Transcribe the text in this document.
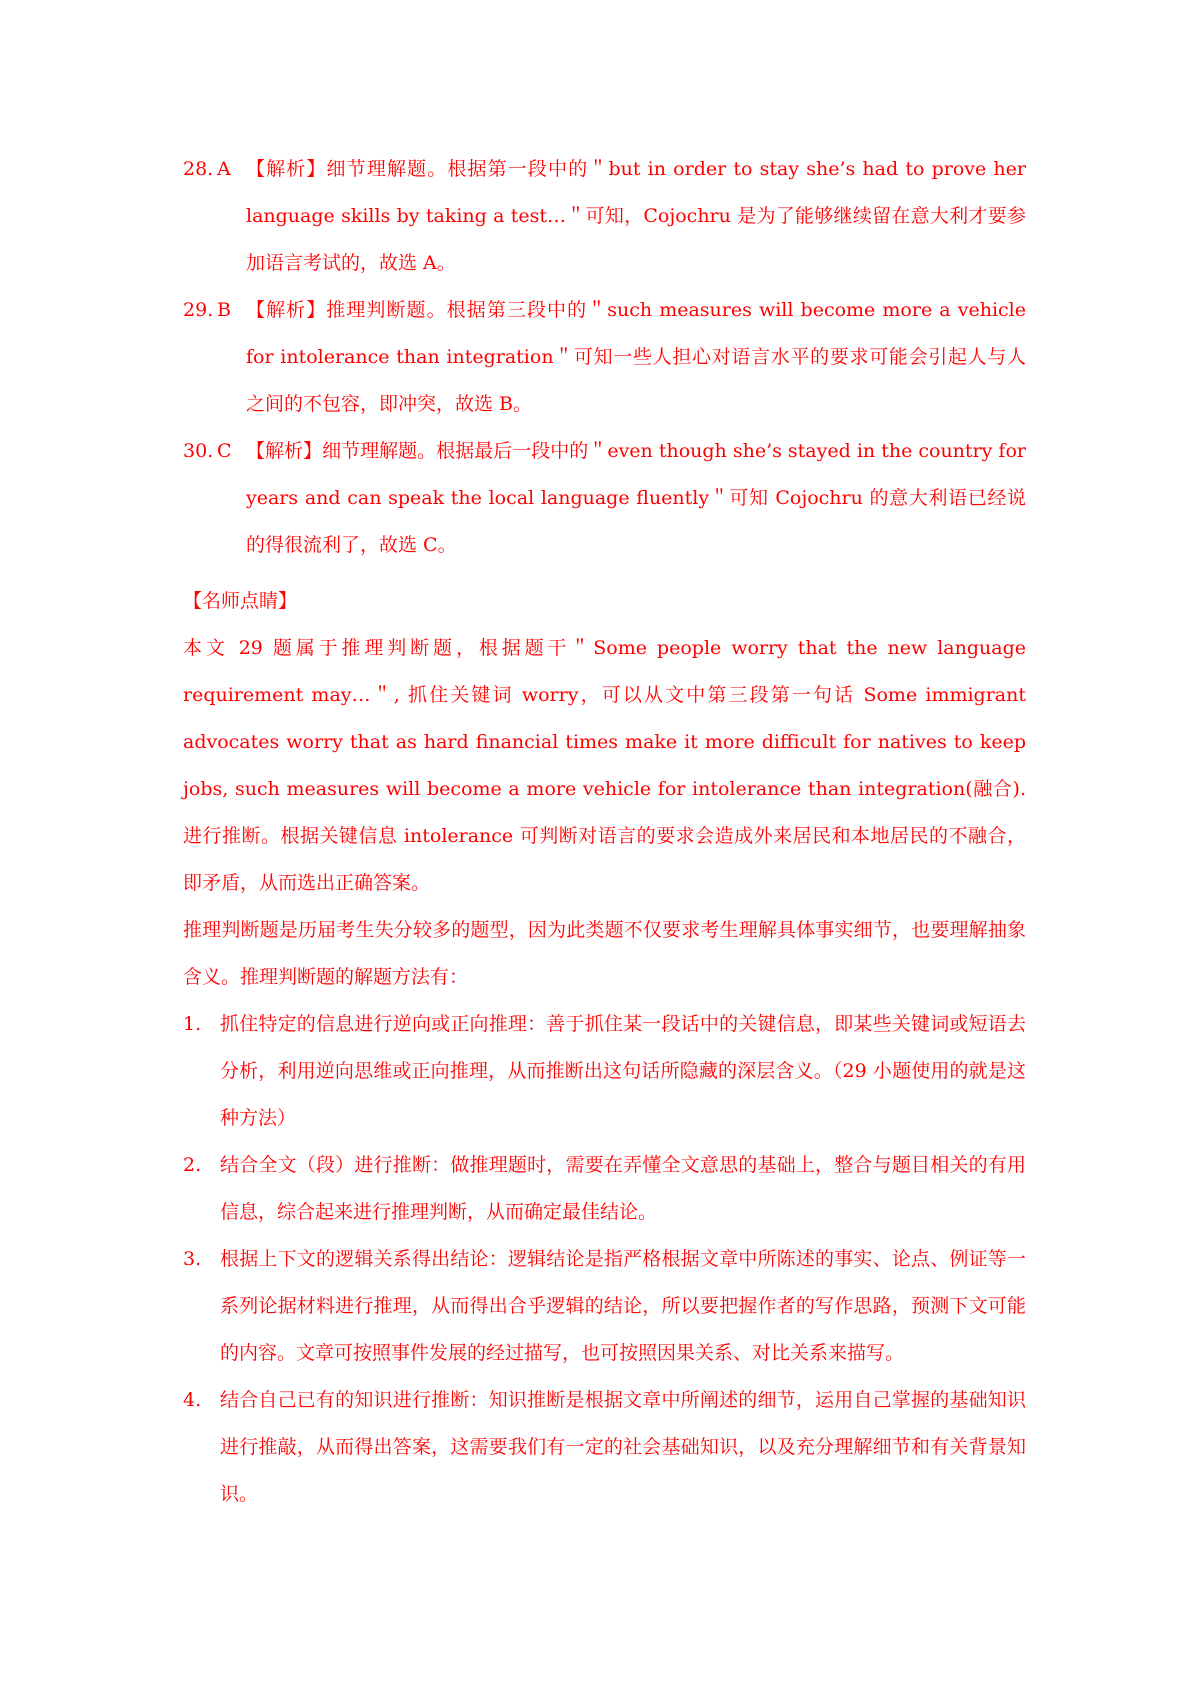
28. A 【解析】细节理解题。根据第一段中的＂but in order to stay she’s had to prove her language skills by taking a test…＂可知，Cojochru 是为了能够继续留在意大利才要参加语言考试的，故选 A。
29. B 【解析】推理判断题。根据第三段中的＂such measures will become more a vehicle for intolerance than integration＂可知一些人担心对语言水平的要求可能会引起人与人之间的不包容，即冲突，故选 B。
30. C 【解析】细节理解题。根据最后一段中的＂even though she’s stayed in the country for years and can speak the local language fluently＂可知 Cojochru 的意大利语已经说的得很流利了，故选 C。
【名师点睛】
本文 29 题属于推理判断题，根据题干＂Some people worry that the new language requirement may…＂, 抓住关键词 worry，可以从文中第三段第一句话 Some immigrant advocates worry that as hard financial times make it more difficult for natives to keep jobs, such measures will become a more vehicle for intolerance than integration(融合). 进行推断。根据关键信息 intolerance 可判断对语言的要求会造成外来居民和本地居民的不融合，即矛盾，从而选出正确答案。
推理判断题是历届考生失分较多的题型，因为此类题不仅要求考生理解具体事实细节，也要理解抽象含义。推理判断题的解题方法有：
1. 抓住特定的信息进行逆向或正向推理：善于抓住某一段话中的关键信息，即某些关键词或短语去分析，利用逆向思维或正向推理，从而推断出这句话所隐藏的深层含义。（29 小题使用的就是这种方法）
2. 结合全文（段）进行推断：做推理题时，需要在弄懂全文意思的基础上，整合与题目相关的有用信息，综合起来进行推理判断，从而确定最佳结论。
3. 根据上下文的逻辑关系得出结论：逻辑结论是指严格根据文章中所陈述的事实、论点、例证等一系列论据材料进行推理，从而得出合乎逻辑的结论，所以要把握作者的写作思路，预测下文可能的内容。文章可按照事件发展的经过描写，也可按照因果关系、对比关系来描写。
4. 结合自己已有的知识进行推断：知识推断是根据文章中所阐述的细节，运用自己掌握的基础知识进行推敲，从而得出答案，这需要我们有一定的社会基础知识，以及充分理解细节和有关背景知识。
